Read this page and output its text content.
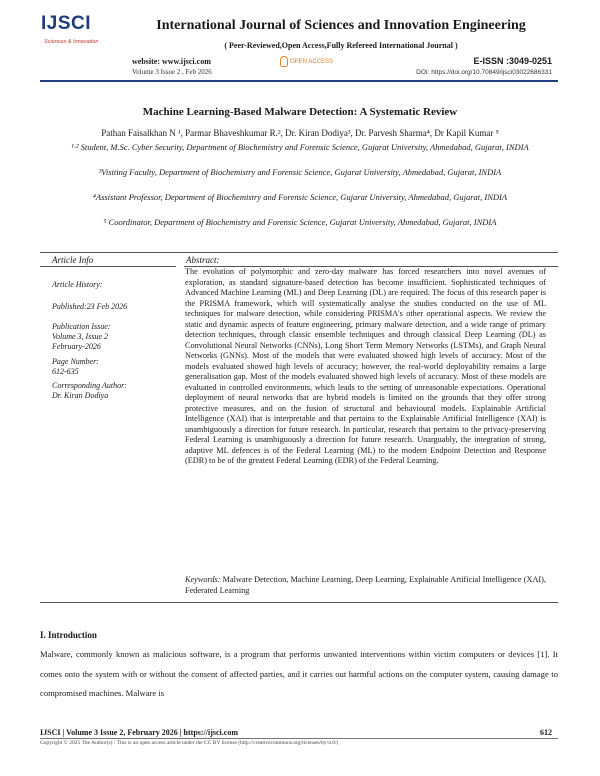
IJSCI
Sciences & Innovation
International Journal of Sciences and Innovation Engineering
( Peer-Reviewed,Open Access,Fully Refereed International Journal )
website: www.ijsci.com
Volume 3 Issue 2 , Feb 2026
OPEN ACCESS	E-ISSN :3049-0251
DOI: https://doi.org/10.70849/ijsci03022686331
Machine Learning-Based Malware Detection: A Systematic Review
Pathan Faisalkhan N ¹, Parmar Bhaveshkumar R.², Dr. Kiran Dodiya³, Dr. Parvesh Sharma⁴, Dr Kapil Kumar ⁵
¹·² Student, M.Sc. Cyber Security, Department of Biochemistry and Forensic Science, Gujarat University, Ahmedabad, Gujarat, INDIA
³Visiting Faculty, Department of Biochemistry and Forensic Science, Gujarat University, Ahmedabad, Gujarat, INDIA
⁴Assistant Professor, Department of Biochemistry and Forensic Science, Gujarat University, Ahmedabad, Gujarat, INDIA
⁵ Coordinator, Department of Biochemistry and Forensic Science, Gujarat University, Ahmedabad, Gujarat, INDIA
Article Info	Abstract:
Article History:
Published:23 Feb 2026
Publication Issue:
Volume 3, Issue 2
February-2026
Page Number:
612-635
Corresponding Author:
Dr. Kiran Dodiya
The evolution of polymorphic and zero-day malware has forced researchers into novel avenues of exploration, as standard signature-based detection has become insufficient. Sophisticated techniques of Advanced Machine Learning (ML) and Deep Learning (DL) are required. The focus of this research paper is the PRISMA framework, which will systematically analyse the studies conducted on the use of ML techniques for malware detection, while considering PRISMA's other operational aspects. We review the static and dynamic aspects of feature engineering, primary malware detection, and a wide range of primary detection techniques, through classic ensemble techniques and through classical Deep Learning (DL) as Convolutional Neural Networks (CNNs), Long Short Term Memory Networks (LSTMs), and Graph Neural Networks (GNNs). Most of the models that were evaluated showed high levels of accuracy. Most of the models evaluated showed high levels of accuracy; however, the real-world deployability remains a large generalisation gap. Most of the models evaluated showed high levels of accuracy. Most of these models are evaluated in controlled environments, which leads to the setting of unreasonable expectations. Operational deployment of neural networks that are hybrid models is limited on the grounds that they offer strong protective measures, and on the fusion of structural and behavioural models. Explainable Artificial Intelligence (XAI) that is interpretable and that pertains to the Explainable Artificial Intelligence (XAI) is unambiguously a direction for future research. In particular, research that pertains to the privacy-preserving Federal Learning is unambiguously a direction for future research. Unarguably, the integration of strong, adaptive ML defences is of the Federal Learning (ML) to the modern Endpoint Detection and Response (EDR) to be of the greatest Federal Learning (EDR) of the Federal Learning.
Keywords: Malware Detection, Machine Learning, Deep Learning, Explainable Artificial Intelligence (XAI), Federated Learning
I. Introduction
Malware, commonly known as malicious software, is a program that performs unwanted interventions within victim computers or devices [1]. It comes onto the system with or without the consent of affected parties, and it carries out harmful actions on the computer system, causing damage to compromised machines. Malware is
IJSCI | Volume 3 Issue 2, February 2026 | https://ijsci.com	612
Copyright © 2025 The Author(s) : This is an open access article under the CC BY license (http://creativecommons.org/licenses/by/4.0/)
